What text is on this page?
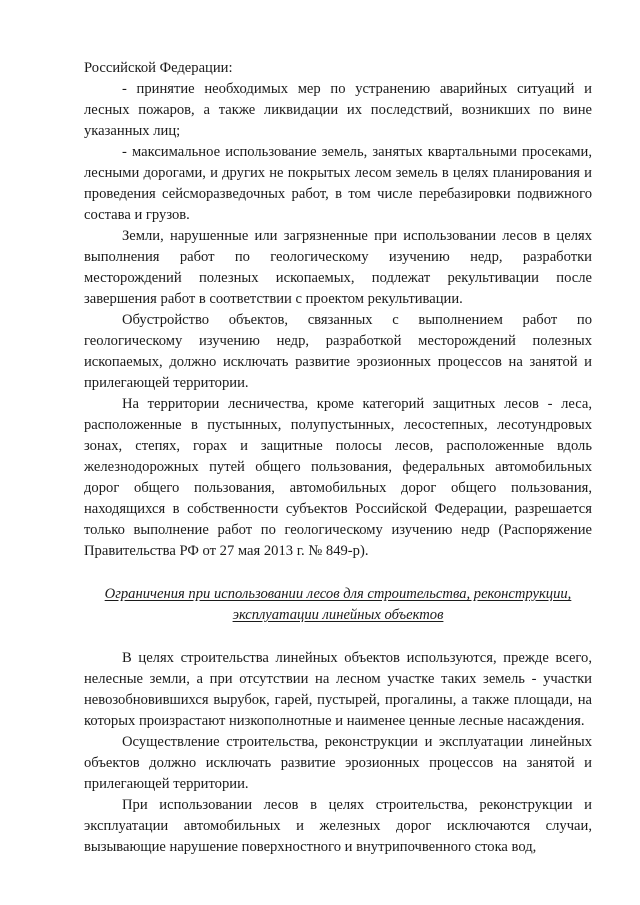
Российской Федерации:

- принятие необходимых мер по устранению аварийных ситуаций и лесных пожаров, а также ликвидации их последствий, возникших по вине указанных лиц;

- максимальное использование земель, занятых квартальными просеками, лесными дорогами, и других не покрытых лесом земель в целях планирования и проведения сейсморазведочных работ, в том числе перебазировки подвижного состава и грузов.

Земли, нарушенные или загрязненные при использовании лесов в целях выполнения работ по геологическому изучению недр, разработки месторождений полезных ископаемых, подлежат рекультивации после завершения работ в соответствии с проектом рекультивации.

Обустройство объектов, связанных с выполнением работ по геологическому изучению недр, разработкой месторождений полезных ископаемых, должно исключать развитие эрозионных процессов на занятой и прилегающей территории.

На территории лесничества, кроме категорий защитных лесов - леса, расположенные в пустынных, полупустынных, лесостепных, лесотундровых зонах, степях, горах и защитные полосы лесов, расположенные вдоль железнодорожных путей общего пользования, федеральных автомобильных дорог общего пользования, автомобильных дорог общего пользования, находящихся в собственности субъектов Российской Федерации, разрешается только выполнение работ по геологическому изучению недр (Распоряжение Правительства РФ от 27 мая 2013 г. № 849-р).

Ограничения при использовании лесов для строительства, реконструкции,
эксплуатации линейных объектов

В целях строительства линейных объектов используются, прежде всего, нелесные земли, а при отсутствии на лесном участке таких земель - участки невозобновившихся вырубок, гарей, пустырей, прогалины, а также площади, на которых произрастают низкополнотные и наименее ценные лесные насаждения.

Осуществление строительства, реконструкции и эксплуатации линейных объектов должно исключать развитие эрозионных процессов на занятой и прилегающей территории.

При использовании лесов в целях строительства, реконструкции и эксплуатации автомобильных и железных дорог исключаются случаи, вызывающие нарушение поверхностного и внутрипочвенного стока вод,
